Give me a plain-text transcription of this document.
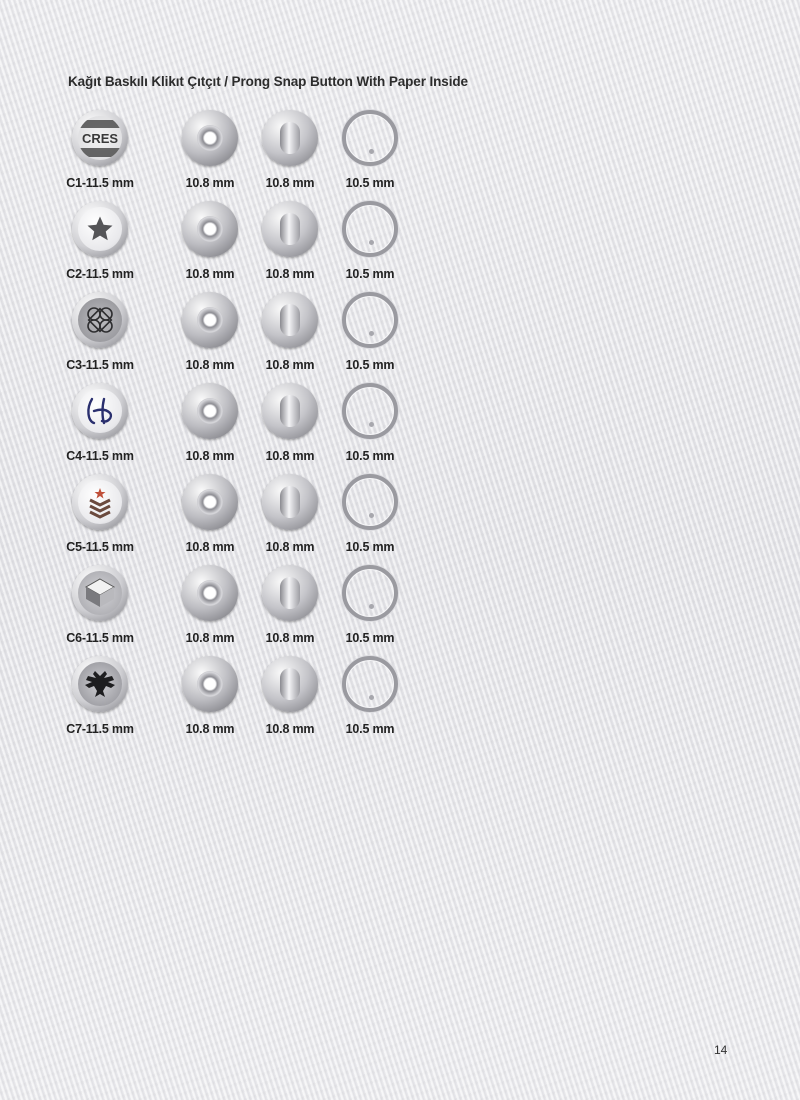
Kağıt Baskılı Klikıt Çıtçıt / Prong Snap Button With Paper Inside
CRES
C1-11.5 mm	10.8 mm	10.8 mm	10.5 mm
C2-11.5 mm	10.8 mm	10.8 mm	10.5 mm
C3-11.5 mm	10.8 mm	10.8 mm	10.5 mm
C4-11.5 mm	10.8 mm	10.8 mm	10.5 mm
C5-11.5 mm	10.8 mm	10.8 mm	10.5 mm
C6-11.5 mm	10.8 mm	10.8 mm	10.5 mm
C7-11.5 mm	10.8 mm	10.8 mm	10.5 mm
14
